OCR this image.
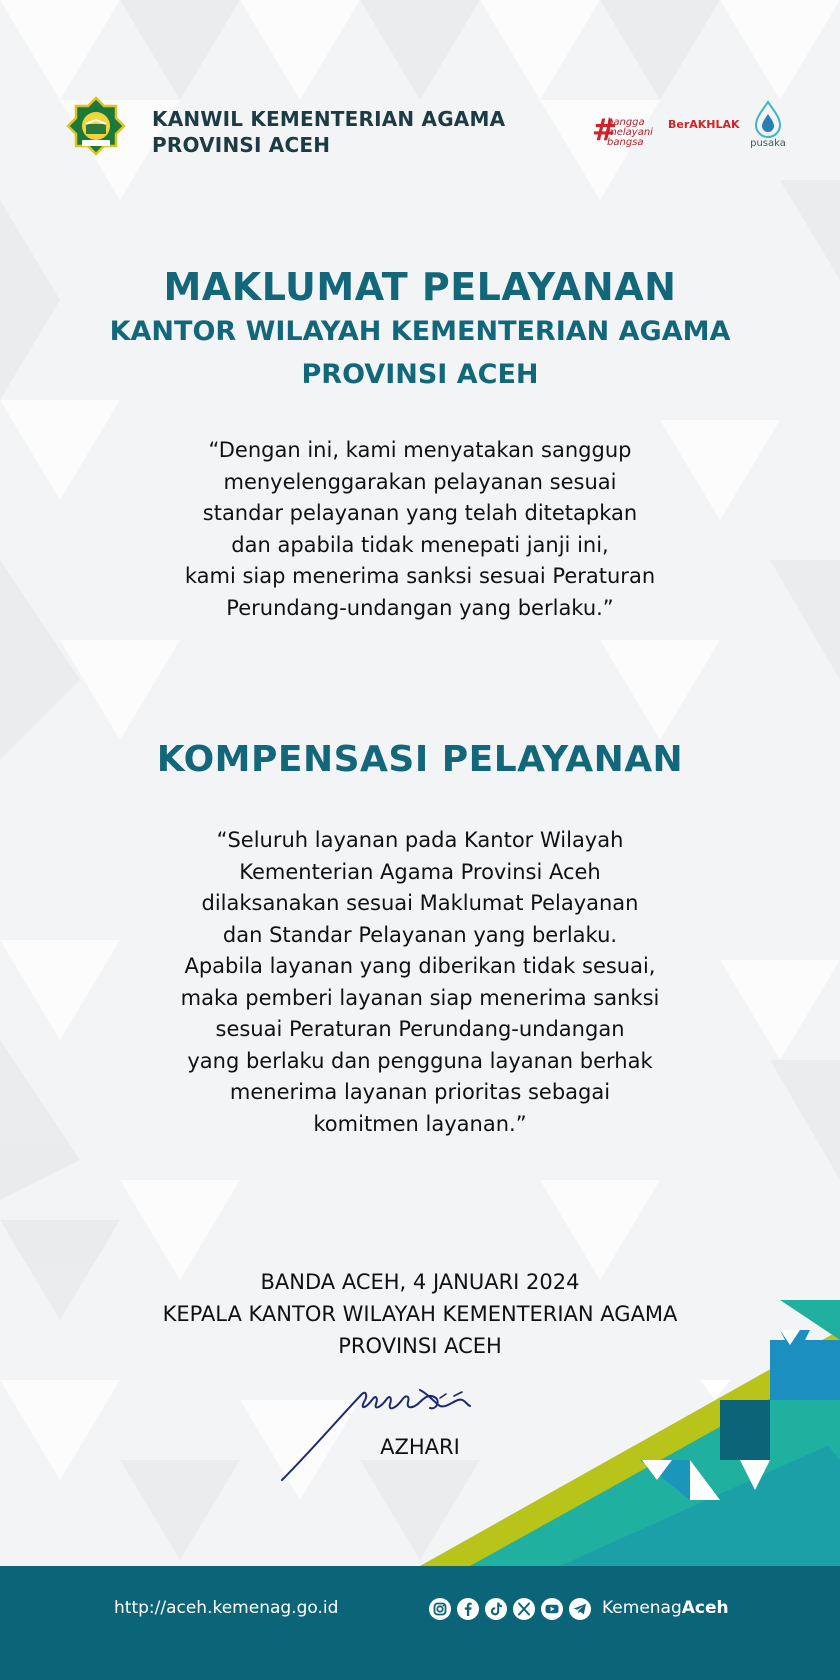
KANWIL KEMENTERIAN AGAMA
PROVINSI ACEH	#
bangga
melayani
bangsa
BerAKHLAK
pusaka
MAKLUMAT PELAYANAN
KANTOR WILAYAH KEMENTERIAN AGAMA
PROVINSI ACEH
“Dengan ini, kami menyatakan sanggup
menyelenggarakan pelayanan sesuai
standar pelayanan yang telah ditetapkan
dan apabila tidak menepati janji ini,
kami siap menerima sanksi sesuai Peraturan
Perundang-undangan yang berlaku.”
KOMPENSASI PELAYANAN
“Seluruh layanan pada Kantor Wilayah
Kementerian Agama Provinsi Aceh
dilaksanakan sesuai Maklumat Pelayanan
dan Standar Pelayanan yang berlaku.
Apabila layanan yang diberikan tidak sesuai,
maka pemberi layanan siap menerima sanksi
sesuai Peraturan Perundang-undangan
yang berlaku dan pengguna layanan berhak
menerima layanan prioritas sebagai
komitmen layanan.”
BANDA ACEH, 4 JANUARI 2024
KEPALA KANTOR WILAYAH KEMENTERIAN AGAMA
PROVINSI ACEH
AZHARI
http://aceh.kemenag.go.id	KemenagAceh
